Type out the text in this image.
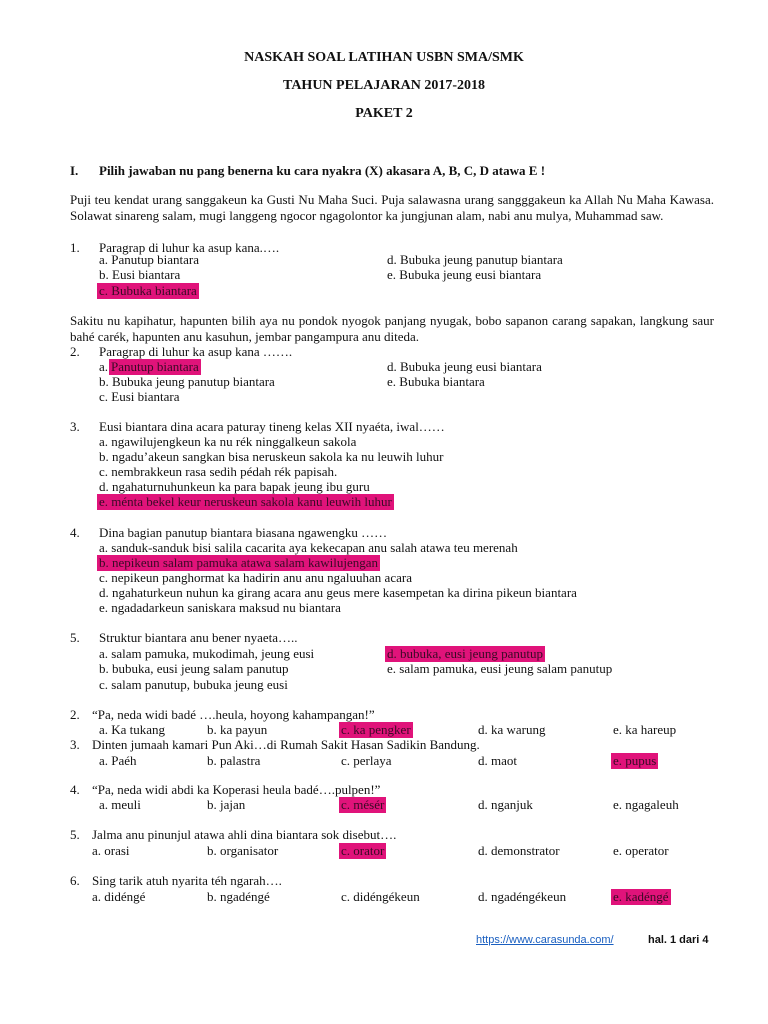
NASKAH SOAL LATIHAN USBN SMA/SMK
TAHUN PELAJARAN 2017-2018
PAKET 2
I. Pilih jawaban nu pang benerna ku cara nyakra (X) akasara A, B, C, D atawa E !
Puji teu kendat urang sanggakeun ka Gusti Nu Maha Suci. Puja salawasna urang sangggakeun ka Allah Nu Maha Kawasa. Solawat sinareng salam, mugi langgeng ngocor ngagolontor ka jungjunan alam, nabi anu mulya, Muhammad saw.
1. Paragrap di luhur ka asup kana.….
a. Panutup biantara	d. Bubuka jeung panutup biantara
b. Eusi biantara	e. Bubuka jeung eusi biantara
c. Bubuka biantara
Sakitu nu kapihatur, hapunten bilih aya nu pondok nyogok panjang nyugak, bobo sapanon carang sapakan, langkung saur bahé carék, hapunten anu kasuhun, jembar pangampura anu diteda.
2. Paragrap di luhur ka asup kana …….
a. Panutup biantara	d. Bubuka jeung eusi biantara
b. Bubuka jeung panutup biantara	e. Bubuka biantara
c. Eusi biantara
3. Eusi biantara dina acara paturay tineng kelas XII nyaéta, iwal……
a. ngawilujengkeun ka nu rék ninggalkeun sakola
b. ngadu’akeun sangkan bisa neruskeun sakola ka nu leuwih luhur
c. nembrakkeun rasa sedih pédah rék papisah.
d. ngahaturnuhunkeun ka para bapak jeung ibu guru
e. ménta bekel keur neruskeun sakola kanu leuwih luhur
4. Dina bagian panutup biantara biasana ngawengku ……
a. sanduk-sanduk bisi salila cacarita aya kekecapan anu salah atawa teu merenah
b. nepikeun salam pamuka atawa salam kawilujengan
c. nepikeun panghormat ka hadirin anu anu ngaluuhan acara
d. ngahaturkeun nuhun ka girang acara anu geus mere kasempetan ka dirina pikeun biantara
e. ngadadarkeun saniskara maksud nu biantara
5. Struktur biantara anu bener nyaeta…..
a. salam pamuka, mukodimah, jeung eusi	d. bubuka, eusi jeung panutup
b. bubuka, eusi jeung salam panutup	e. salam pamuka, eusi jeung salam panutup
c. salam panutup, bubuka jeung eusi
2. “Pa, neda widi badé ….heula, hoyong kahampangan!”
a. Ka tukang	b. ka payun	c. ka pengker	d. ka warung	e. ka hareup
3. Dinten jumaah kamari Pun Aki…di Rumah Sakit Hasan Sadikin Bandung.
a. Paéh	b. palastra	c. perlaya	d. maot	e. pupus
4. “Pa, neda widi abdi ka Koperasi heula badé….pulpen!”
a. meuli	b. jajan	c. mésér	d. nganjuk	e. ngagaleuh
5. Jalma anu pinunjul atawa ahli dina biantara sok disebut….
a. orasi	b. organisator	c. orator	d. demonstrator	e. operator
6. Sing tarik atuh nyarita téh ngarah….
a. didéngé	b. ngadéngé	c. didéngékeun	d. ngadéngékeun	e. kadéngé
https://www.carasunda.com/	hal. 1 dari 4
